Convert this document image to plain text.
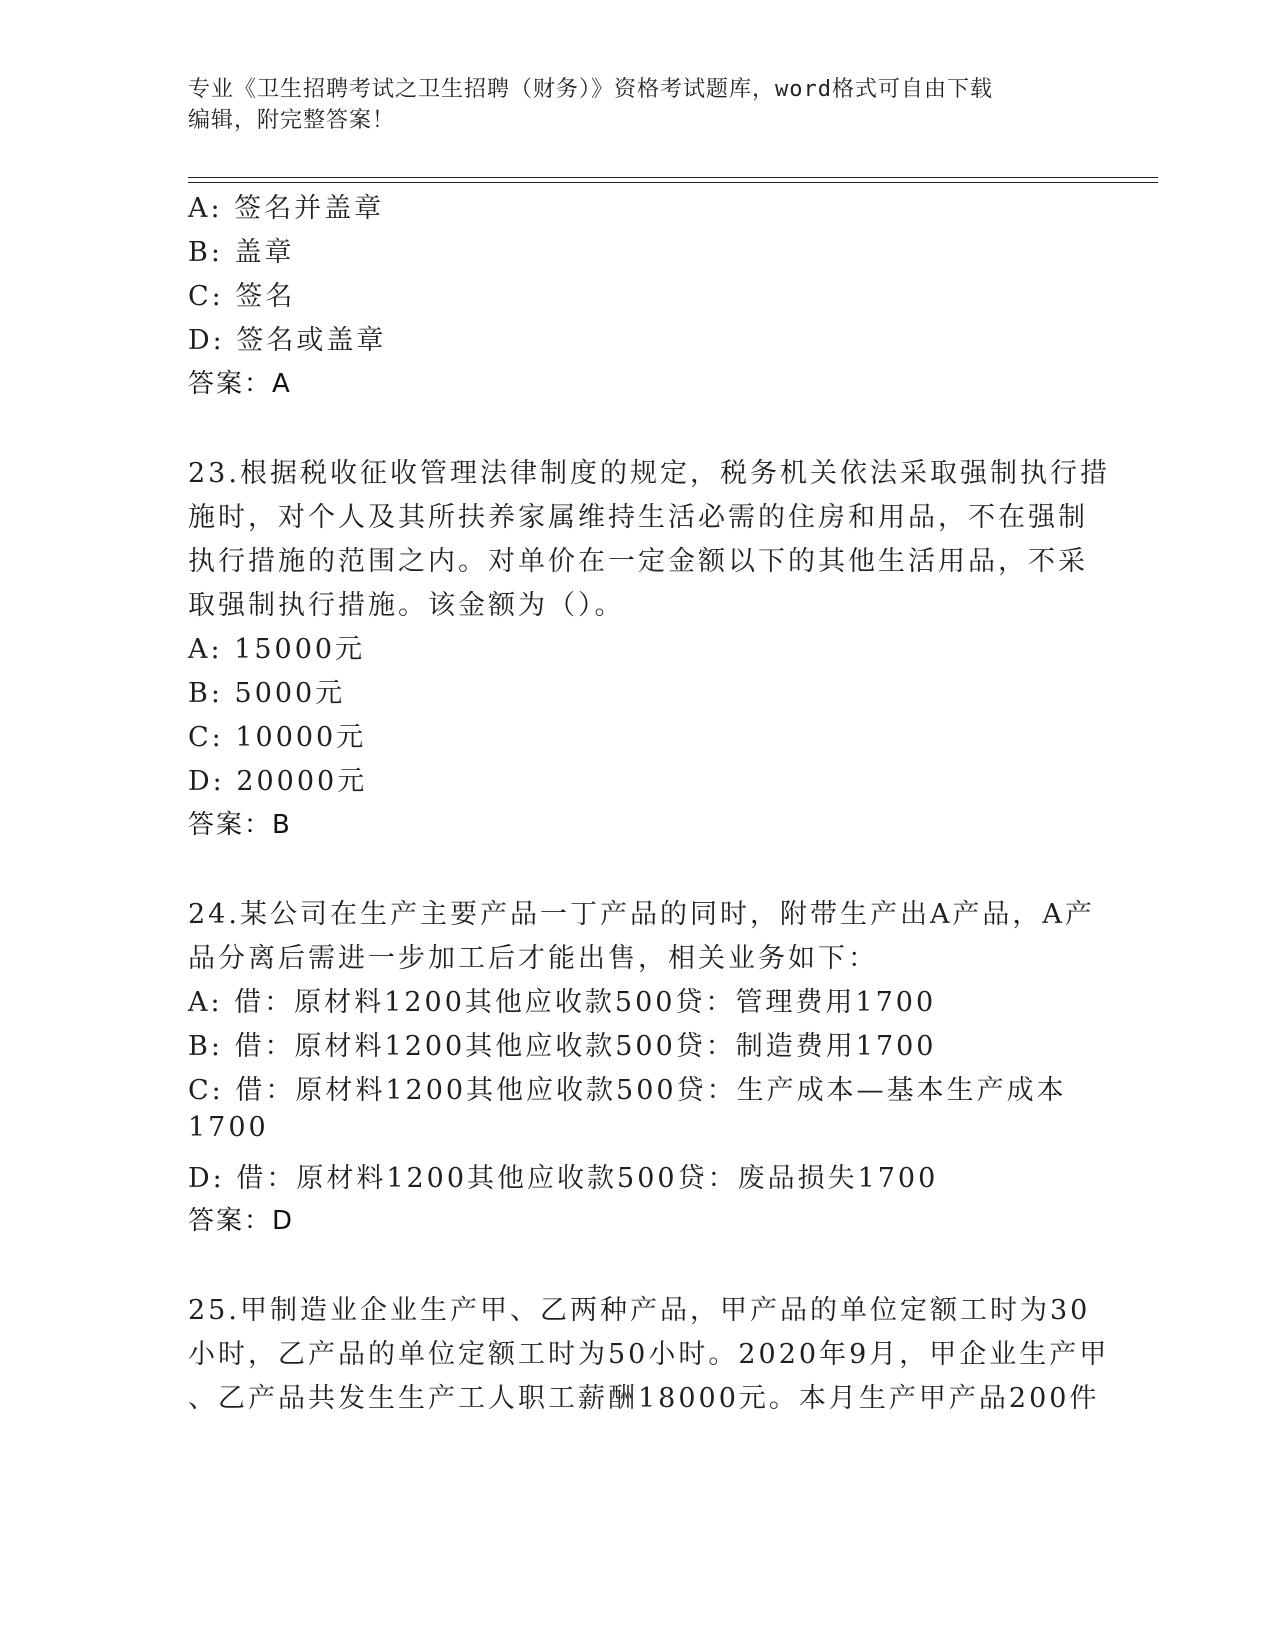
专业《卫生招聘考试之卫生招聘（财务）》资格考试题库，word格式可自由下载
编辑，附完整答案！
A: 签名并盖章
B: 盖章
C: 签名
D: 签名或盖章
答案：A
23.根据税收征收管理法律制度的规定，税务机关依法采取强制执行措
施时，对个人及其所扶养家属维持生活必需的住房和用品，不在强制
执行措施的范围之内。对单价在一定金额以下的其他生活用品，不采
取强制执行措施。该金额为（）。
A: 15000元
B: 5000元
C: 10000元
D: 20000元
答案：B
24.某公司在生产主要产品一丁产品的同时，附带生产出A产品，A产
品分离后需进一步加工后才能出售，相关业务如下：
A: 借：原材料1200其他应收款500贷：管理费用1700
B: 借：原材料1200其他应收款500贷：制造费用1700
C: 借：原材料1200其他应收款500贷：生产成本—基本生产成本
1700
D: 借：原材料1200其他应收款500贷：废品损失1700
答案：D
25.甲制造业企业生产甲、乙两种产品，甲产品的单位定额工时为30
小时，乙产品的单位定额工时为50小时。2020年9月，甲企业生产甲
、乙产品共发生生产工人职工薪酬18000元。本月生产甲产品200件
